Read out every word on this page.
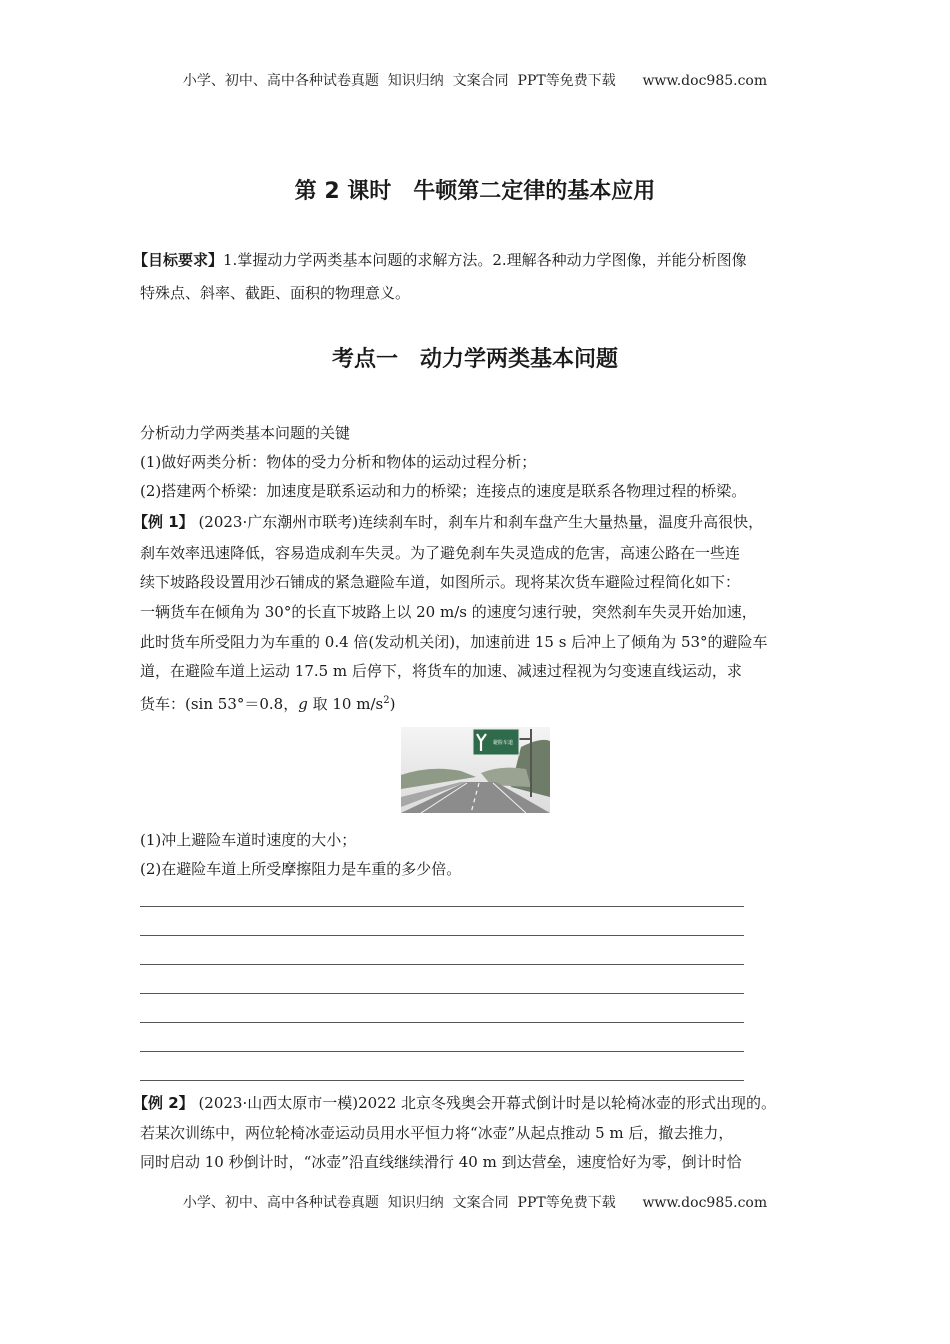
小学、初中、高中各种试卷真题  知识归纳  文案合同  PPT等免费下载      www.doc985.com
第 2 课时　牛顿第二定律的基本应用
【目标要求】1.掌握动力学两类基本问题的求解方法。2.理解各种动力学图像，并能分析图像
特殊点、斜率、截距、面积的物理意义。
考点一　动力学两类基本问题
分析动力学两类基本问题的关键
(1)做好两类分析：物体的受力分析和物体的运动过程分析；
(2)搭建两个桥梁：加速度是联系运动和力的桥梁；连接点的速度是联系各物理过程的桥梁。
【例 1】 (2023·广东潮州市联考)连续刹车时，刹车片和刹车盘产生大量热量，温度升高很快，
刹车效率迅速降低，容易造成刹车失灵。为了避免刹车失灵造成的危害，高速公路在一些连
续下坡路段设置用沙石铺成的紧急避险车道，如图所示。现将某次货车避险过程简化如下：
一辆货车在倾角为 30°的长直下坡路上以 20 m/s 的速度匀速行驶，突然刹车失灵开始加速，
此时货车所受阻力为车重的 0.4 倍(发动机关闭)，加速前进 15 s 后冲上了倾角为 53°的避险车
道，在避险车道上运动 17.5 m 后停下，将货车的加速、减速过程视为匀变速直线运动，求
货车：(sin 53°＝0.8，g 取 10 $m/s^2$)
避险车道
(1)冲上避险车道时速度的大小；
(2)在避险车道上所受摩擦阻力是车重的多少倍。
【例 2】 (2023·山西太原市一模)2022 北京冬残奥会开幕式倒计时是以轮椅冰壶的形式出现的。
若某次训练中，两位轮椅冰壶运动员用水平恒力将“冰壶”从起点推动 5 m 后，撤去推力，
同时启动 10 秒倒计时，“冰壶”沿直线继续滑行 40 m 到达营垒，速度恰好为零，倒计时恰
小学、初中、高中各种试卷真题  知识归纳  文案合同  PPT等免费下载      www.doc985.com
